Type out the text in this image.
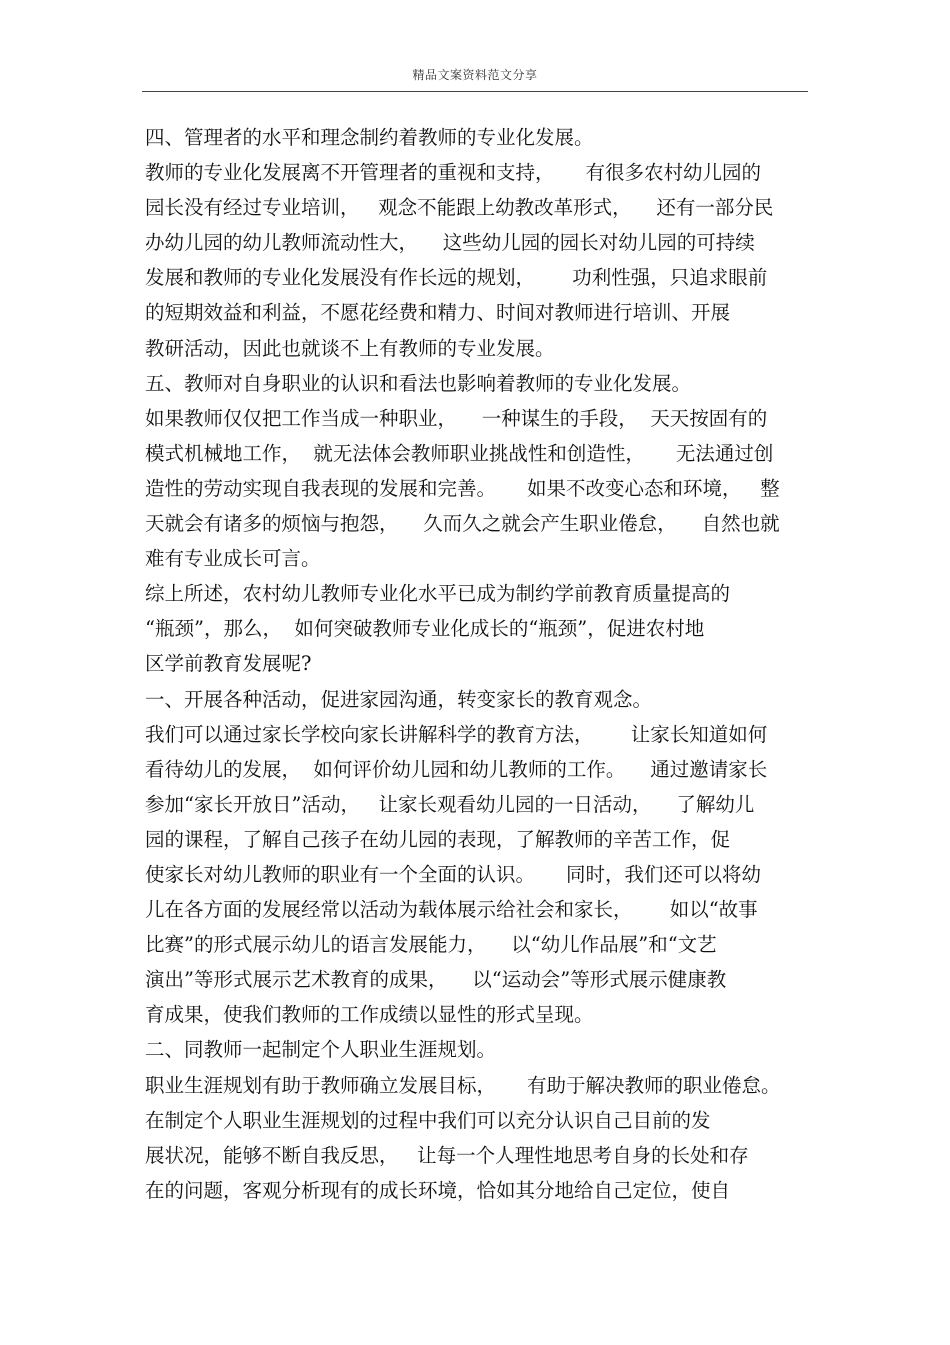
精品文案资料范文分享
四、管理者的水平和理念制约着教师的专业化发展。
教师的专业化发展离不开管理者的重视和支持，     有很多农村幼儿园的
园长没有经过专业培训，   观念不能跟上幼教改革形式，    还有一部分民
办幼儿园的幼儿教师流动性大，    这些幼儿园的园长对幼儿园的可持续
发展和教师的专业化发展没有作长远的规划，      功利性强，只追求眼前
的短期效益和利益，不愿花经费和精力、时间对教师进行培训、开展
教研活动，因此也就谈不上有教师的专业发展。
五、教师对自身职业的认识和看法也影响着教师的专业化发展。
如果教师仅仅把工作当成一种职业，    一种谋生的手段，  天天按固有的
模式机械地工作，  就无法体会教师职业挑战性和创造性，     无法通过创
造性的劳动实现自我表现的发展和完善。     如果不改变心态和环境，   整
天就会有诸多的烦恼与抱怨，    久而久之就会产生职业倦怠，    自然也就
难有专业成长可言。
综上所述，农村幼儿教师专业化水平已成为制约学前教育质量提高的
“瓶颈”，那么，  如何突破教师专业化成长的“瓶颈”，促进农村地
区学前教育发展呢?
一、开展各种活动，促进家园沟通，转变家长的教育观念。
我们可以通过家长学校向家长讲解科学的教育方法，      让家长知道如何
看待幼儿的发展，  如何评价幼儿园和幼儿教师的工作。    通过邀请家长
参加“家长开放日”活动，   让家长观看幼儿园的一日活动，    了解幼儿
园的课程，了解自己孩子在幼儿园的表现，了解教师的辛苦工作，促
使家长对幼儿教师的职业有一个全面的认识。     同时，我们还可以将幼
儿在各方面的发展经常以活动为载体展示给社会和家长，      如以“故事
比赛”的形式展示幼儿的语言发展能力，    以“幼儿作品展”和“文艺
演出”等形式展示艺术教育的成果，    以“运动会”等形式展示健康教
育成果，使我们教师的工作成绩以显性的形式呈现。
二、同教师一起制定个人职业生涯规划。
职业生涯规划有助于教师确立发展目标，     有助于解决教师的职业倦怠。
在制定个人职业生涯规划的过程中我们可以充分认识自己目前的发
展状况，能够不断自我反思，   让每一个人理性地思考自身的长处和存
在的问题，客观分析现有的成长环境，恰如其分地给自己定位，使自
